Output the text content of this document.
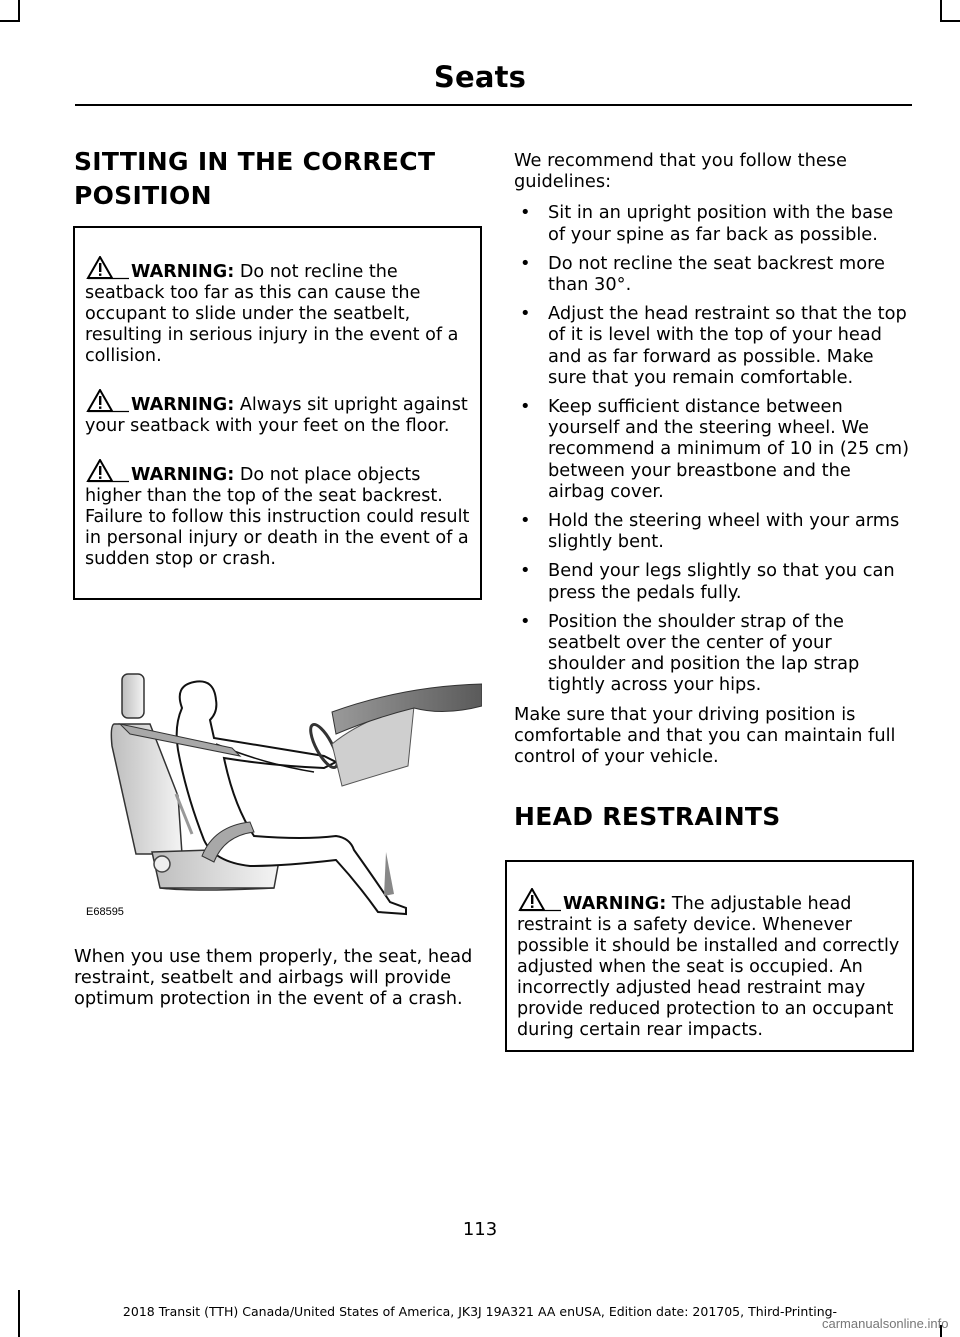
Seats
SITTING IN THE CORRECT
POSITION

WARNING: Do not recline the seatback too far as this can cause the occupant to slide under the seatbelt, resulting in serious injury in the event of a collision.

WARNING: Always sit upright against your seatback with your feet on the floor.

WARNING: Do not place objects higher than the top of the seat backrest. Failure to follow this instruction could result in personal injury or death in the event of a sudden stop or crash.

E68595

When you use them properly, the seat, head restraint, seatbelt and airbags will provide optimum protection in the event of a crash.

We recommend that you follow these guidelines:

• Sit in an upright position with the base of your spine as far back as possible.
• Do not recline the seat backrest more than 30°.
• Adjust the head restraint so that the top of it is level with the top of your head and as far forward as possible. Make sure that you remain comfortable.
• Keep sufficient distance between yourself and the steering wheel. We recommend a minimum of 10 in (25 cm) between your breastbone and the airbag cover.
• Hold the steering wheel with your arms slightly bent.
• Bend your legs slightly so that you can press the pedals fully.
• Position the shoulder strap of the seatbelt over the center of your shoulder and position the lap strap tightly across your hips.

Make sure that your driving position is comfortable and that you can maintain full control of your vehicle.

HEAD RESTRAINTS

WARNING: The adjustable head restraint is a safety device. Whenever possible it should be installed and correctly adjusted when the seat is occupied. An incorrectly adjusted head restraint may provide reduced protection to an occupant during certain rear impacts.

113
2018 Transit (TTH) Canada/United States of America, JK3J 19A321 AA enUSA, Edition date: 201705, Third-Printing-
carmanualsonline.info
